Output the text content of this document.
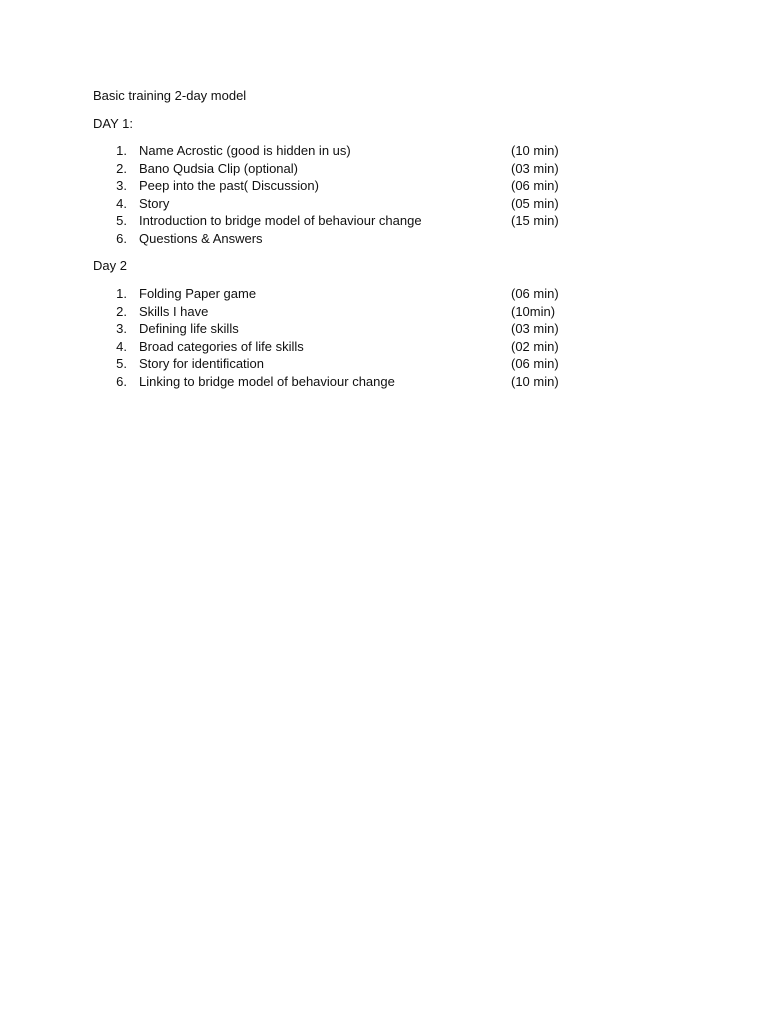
Basic training 2-day model
DAY 1:
1. Name Acrostic (good is hidden in us)	(10 min)
2. Bano Qudsia Clip (optional)	(03 min)
3. Peep into the past( Discussion)	(06 min)
4. Story	(05 min)
5. Introduction to bridge model of behaviour change	(15 min)
6. Questions & Answers
Day 2
1. Folding Paper game	(06 min)
2. Skills I have	(10min)
3. Defining life skills	(03 min)
4. Broad categories of life skills	(02 min)
5. Story for identification	(06 min)
6. Linking to bridge model of behaviour change	(10 min)
